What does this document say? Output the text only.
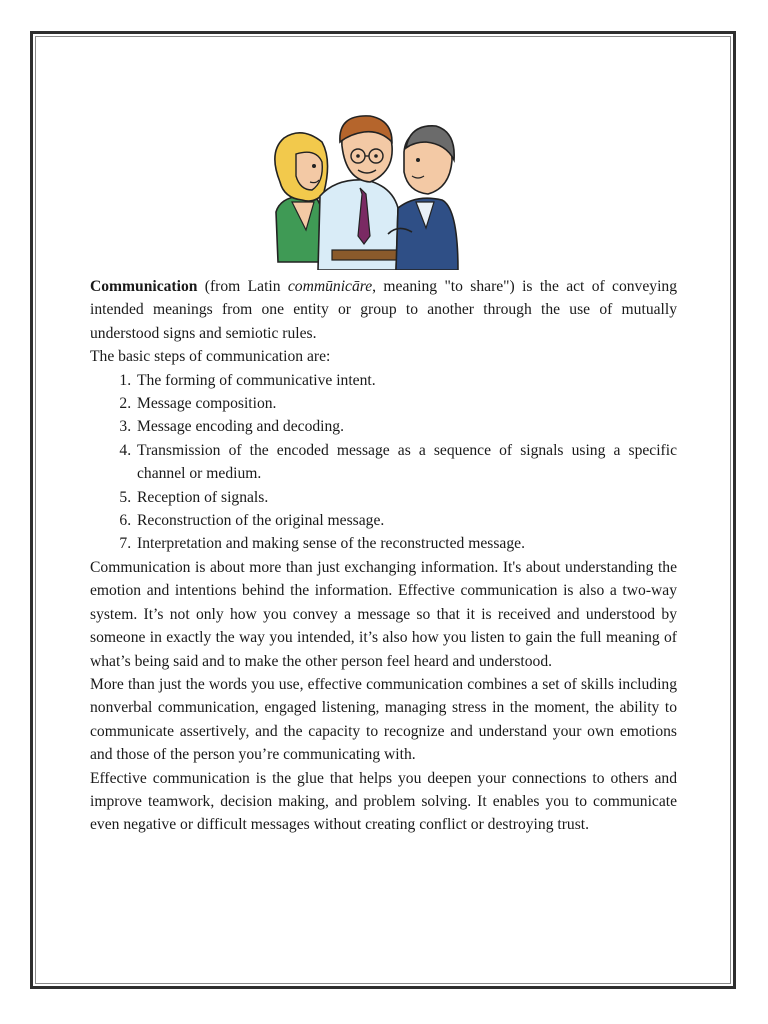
Communication (from Latin commūnicāre, meaning "to share") is the act of conveying intended meanings from one entity or group to another through the use of mutually understood signs and semiotic rules.

The basic steps of communication are:

1. The forming of communicative intent.
2. Message composition.
3. Message encoding and decoding.
4. Transmission of the encoded message as a sequence of signals using a specific channel or medium.
5. Reception of signals.
6. Reconstruction of the original message.
7. Interpretation and making sense of the reconstructed message.

Communication is about more than just exchanging information. It's about understanding the emotion and intentions behind the information. Effective communication is also a two-way system. It’s not only how you convey a message so that it is received and understood by someone in exactly the way you intended, it’s also how you listen to gain the full meaning of what’s being said and to make the other person feel heard and understood.

More than just the words you use, effective communication combines a set of skills including nonverbal communication, engaged listening, managing stress in the moment, the ability to communicate assertively, and the capacity to recognize and understand your own emotions and those of the person you’re communicating with.

Effective communication is the glue that helps you deepen your connections to others and improve teamwork, decision making, and problem solving. It enables you to communicate even negative or difficult messages without creating conflict or destroying trust.
